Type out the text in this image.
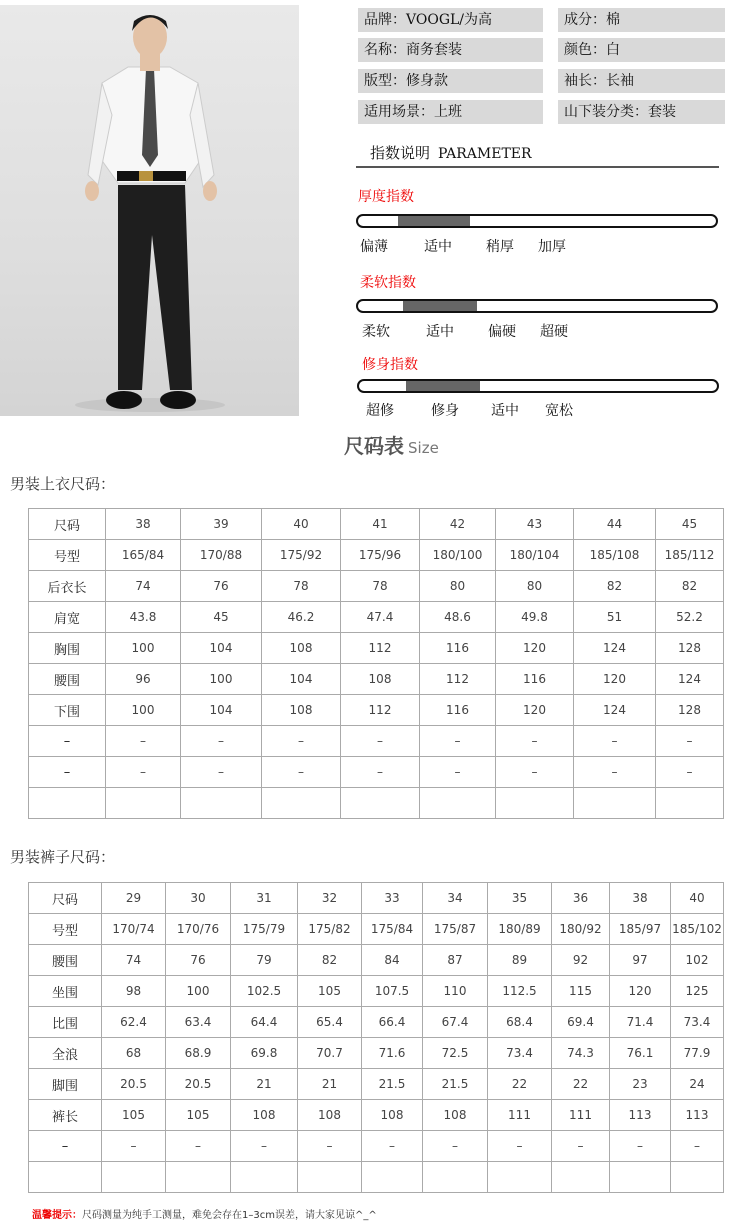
品牌：VOOGL/为高	成分：棉
名称：商务套装	颜色：白
版型：修身款	袖长：长袖
适用场景：上班	山下装分类：套装
指数说明 PARAMETER
厚度指数
偏薄	适中 稍厚 加厚
柔软指数
柔软	适中 偏硬 超硬
修身指数
超修	修身 适中 宽松
尺码表 Size
男装上衣尺码：
尺码	38	39	40	41	42	43	44	45
号型	165/84	170/88	175/92	175/96	180/100	180/104	185/108	185/112
后衣长	74	76	78	78	80	80	82	82
肩宽	43.8	45	46.2	47.4	48.6	49.8	51	52.2
胸围	100	104	108	112	116	120	124	128
腰围	96	100	104	108	112	116	120	124
下围	100	104	108	112	116	120	124	128
–	–	–	–	–	–	–	–	–
–	–	–	–	–	–	–	–	–

男装裤子尺码：
尺码	29	30	31	32	33	34	35	36	38	40
号型	170/74	170/76	175/79	175/82	175/84	175/87	180/89	180/92	185/97	185/102
腰围	74	76	79	82	84	87	89	92	97	102
坐围	98	100	102.5	105	107.5	110	112.5	115	120	125
比围	62.4	63.4	64.4	65.4	66.4	67.4	68.4	69.4	71.4	73.4
全浪	68	68.9	69.8	70.7	71.6	72.5	73.4	74.3	76.1	77.9
脚围	20.5	20.5	21	21	21.5	21.5	22	22	23	24
裤长	105	105	108	108	108	108	111	111	113	113
–	–	–	–	–	–	–	–	–	–	–

温馨提示：尺码测量为纯手工测量，难免会存在1–3cm误差，请大家见谅^_^
